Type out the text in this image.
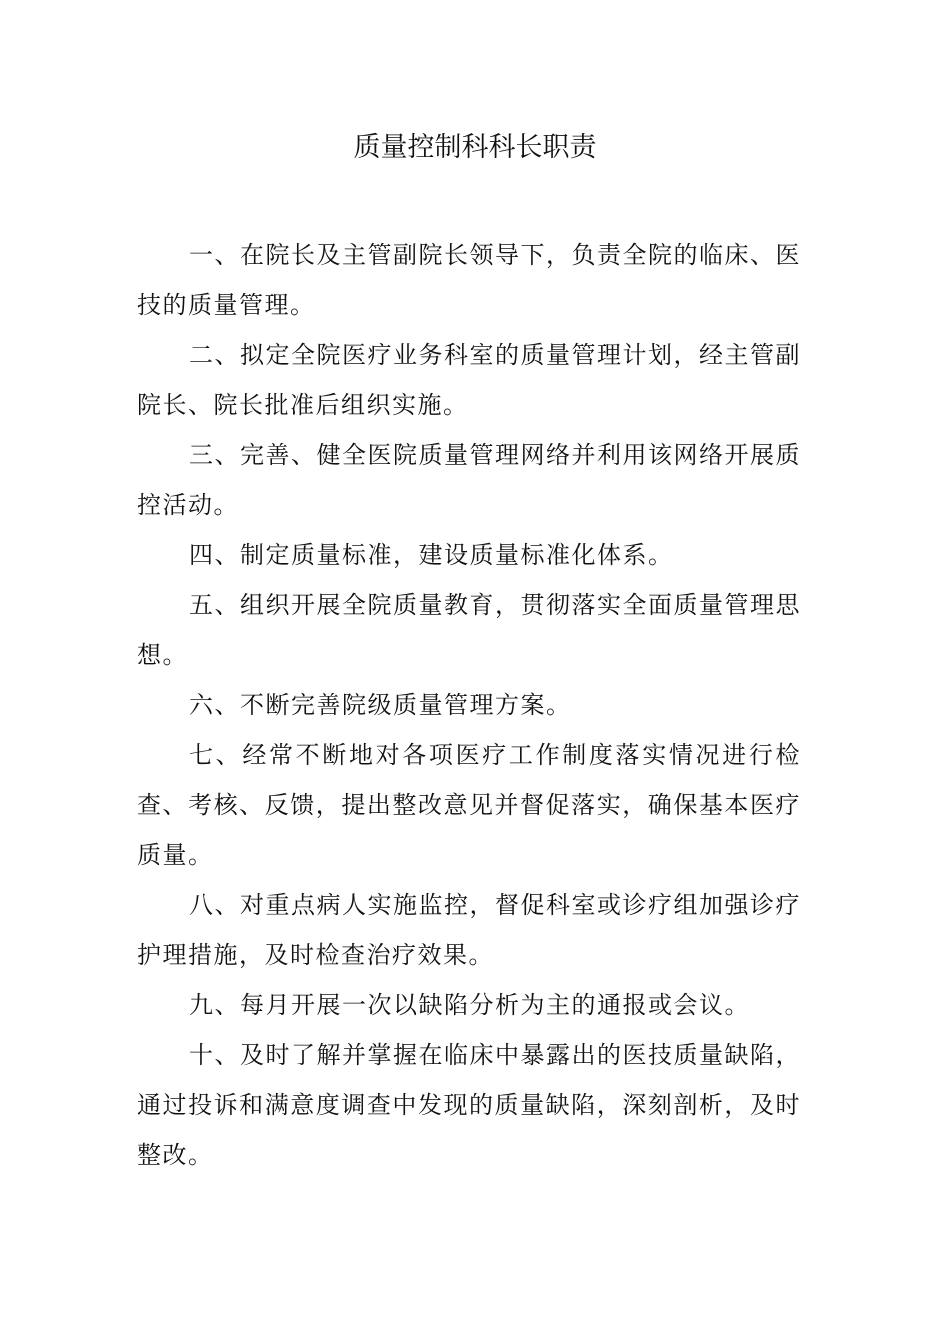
质量控制科科长职责

一、在院长及主管副院长领导下，负责全院的临床、医技的质量管理。

二、拟定全院医疗业务科室的质量管理计划，经主管副院长、院长批准后组织实施。

三、完善、健全医院质量管理网络并利用该网络开展质控活动。

四、制定质量标准，建设质量标准化体系。

五、组织开展全院质量教育，贯彻落实全面质量管理思想。

六、不断完善院级质量管理方案。

七、经常不断地对各项医疗工作制度落实情况进行检查、考核、反馈，提出整改意见并督促落实，确保基本医疗质量。

八、对重点病人实施监控，督促科室或诊疗组加强诊疗护理措施，及时检查治疗效果。

九、每月开展一次以缺陷分析为主的通报或会议。

十、及时了解并掌握在临床中暴露出的医技质量缺陷，通过投诉和满意度调查中发现的质量缺陷，深刻剖析，及时整改。
